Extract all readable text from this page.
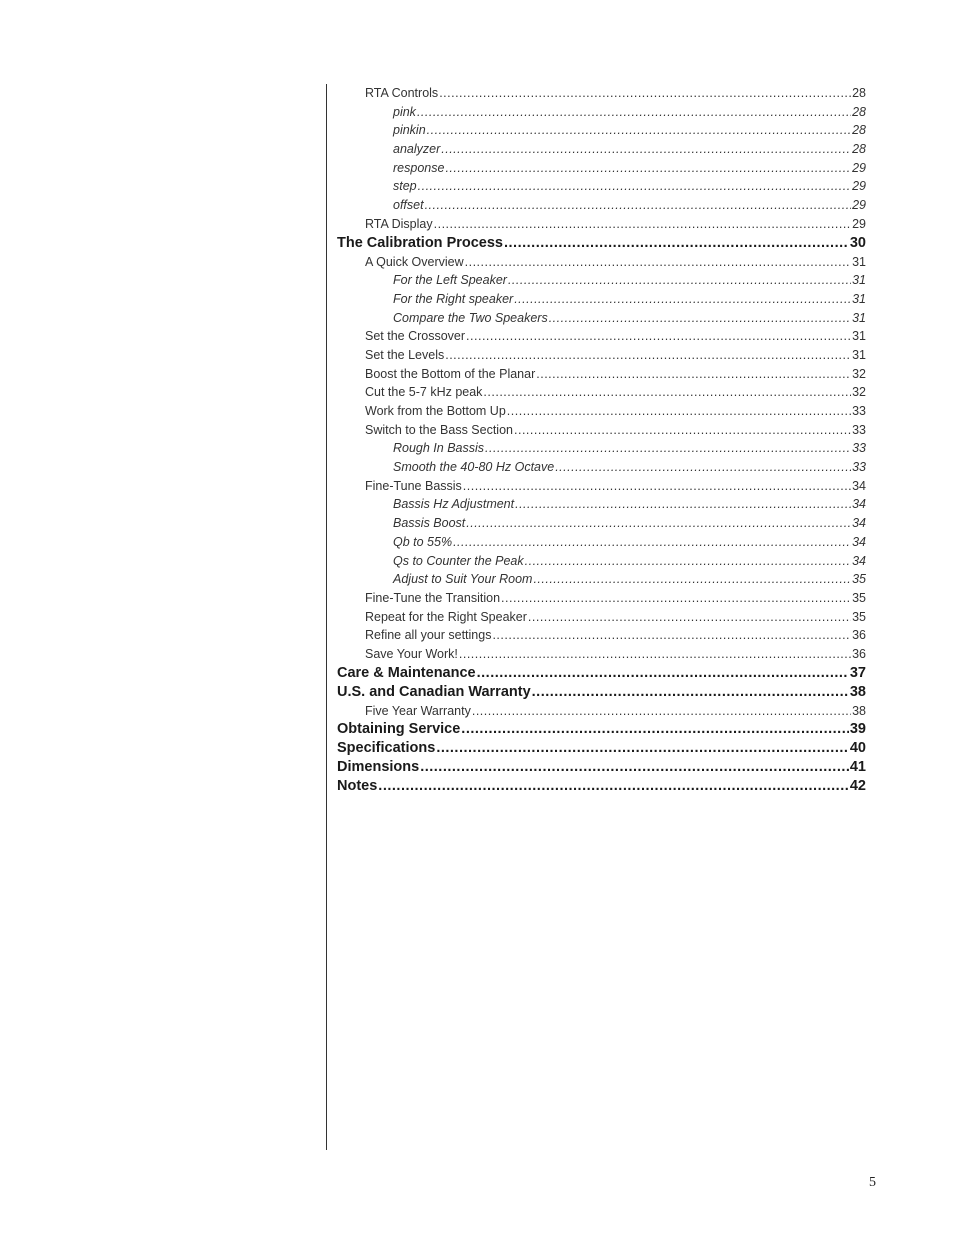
RTA Controls .....	28
pink .....	28
pinkin .....	28
analyzer .....	28
response .....	29
step .....	29
offset .....	29
RTA Display .....	29
The Calibration Process .....	30
A Quick Overview .....	31
For the Left Speaker .....	31
For the Right speaker .....	31
Compare the Two Speakers .....	31
Set the Crossover .....	31
Set the Levels .....	31
Boost the Bottom of the Planar .....	32
Cut the 5-7 kHz peak .....	32
Work from the Bottom Up .....	33
Switch to the Bass Section .....	33
Rough In Bassis .....	33
Smooth the 40-80 Hz Octave .....	33
Fine-Tune Bassis .....	34
Bassis Hz Adjustment .....	34
Bassis Boost .....	34
Qb to 55% .....	34
Qs to Counter the Peak .....	34
Adjust to Suit Your Room .....	35
Fine-Tune the Transition .....	35
Repeat for the Right Speaker .....	35
Refine all your settings .....	36
Save Your Work! .....	36
Care & Maintenance .....	37
U.S. and Canadian Warranty .....	38
Five Year Warranty .....	38
Obtaining Service .....	39
Specifications .....	40
Dimensions .....	41
Notes .....	42
5
